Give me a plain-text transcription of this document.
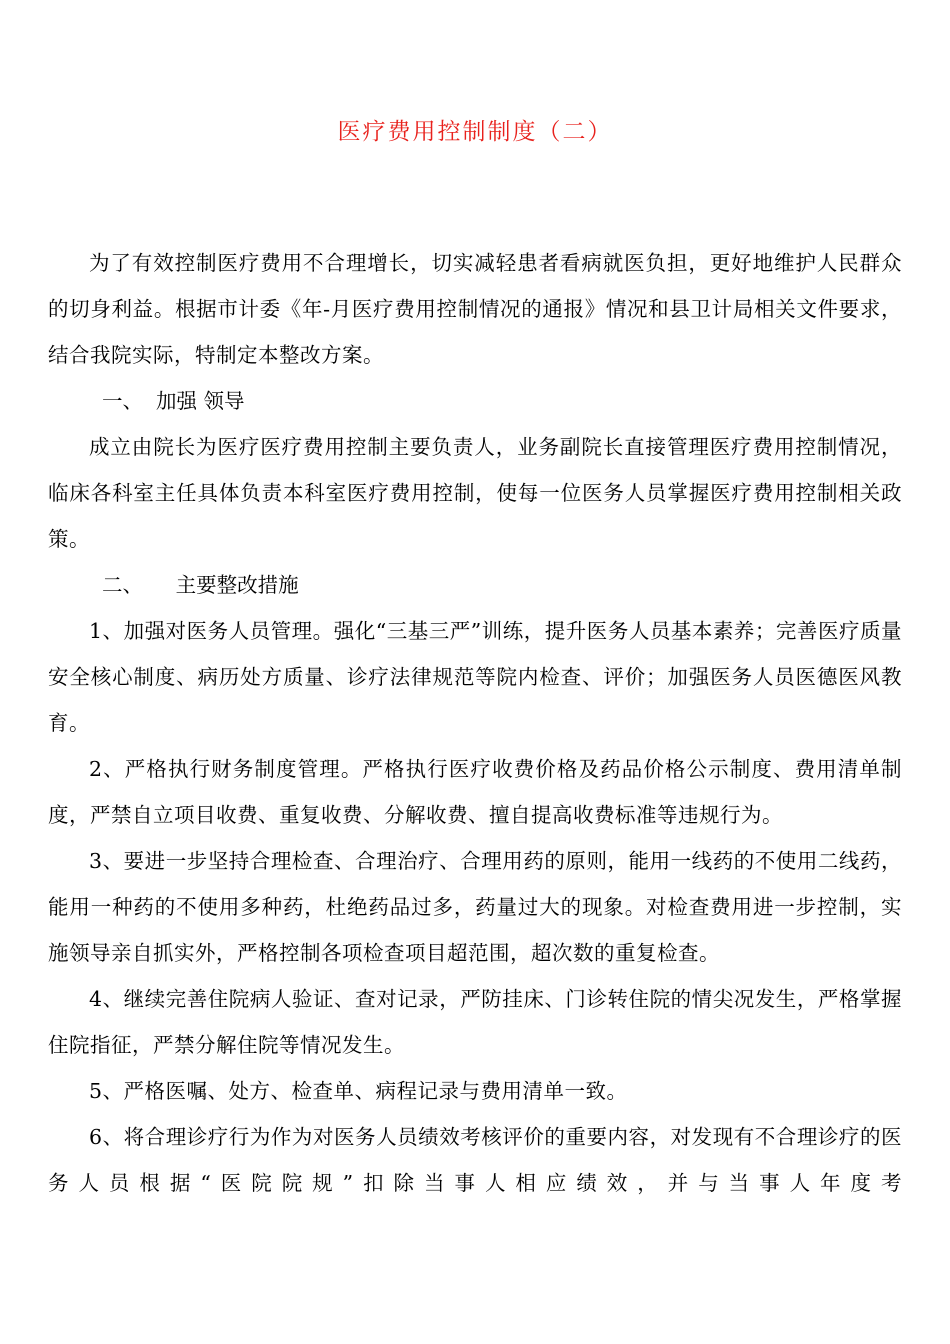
医疗费用控制制度（二）

为了有效控制医疗费用不合理增长，切实减轻患者看病就医负担，更好地维护人民群众的切身利益。根据市计委《年-月医疗费用控制情况的通报》情况和县卫计局相关文件要求，结合我院实际，特制定本整改方案。

一、  加强 领导

成立由院长为医疗医疗费用控制主要负责人，业务副院长直接管理医疗费用控制情况，临床各科室主任具体负责本科室医疗费用控制，使每一位医务人员掌握医疗费用控制相关政策。

二、     主要整改措施

1、加强对医务人员管理。强化“三基三严”训练，提升医务人员基本素养；完善医疗质量安全核心制度、病历处方质量、诊疗法律规范等院内检查、评价；加强医务人员医德医风教育。

2、严格执行财务制度管理。严格执行医疗收费价格及药品价格公示制度、费用清单制度，严禁自立项目收费、重复收费、分解收费、擅自提高收费标准等违规行为。

3、要进一步坚持合理检查、合理治疗、合理用药的原则，能用一线药的不使用二线药，能用一种药的不使用多种药，杜绝药品过多，药量过大的现象。对检查费用进一步控制，实施领导亲自抓实外，严格控制各项检查项目超范围，超次数的重复检查。

4、继续完善住院病人验证、查对记录，严防挂床、门诊转住院的情尖况发生，严格掌握住院指征，严禁分解住院等情况发生。

5、严格医嘱、处方、检查单、病程记录与费用清单一致。

6、将合理诊疗行为作为对医务人员绩效考核评价的重要内容，对发现有不合理诊疗的医务人员根据“医院院规”扣除当事人相应绩效，并与当事人年度考
